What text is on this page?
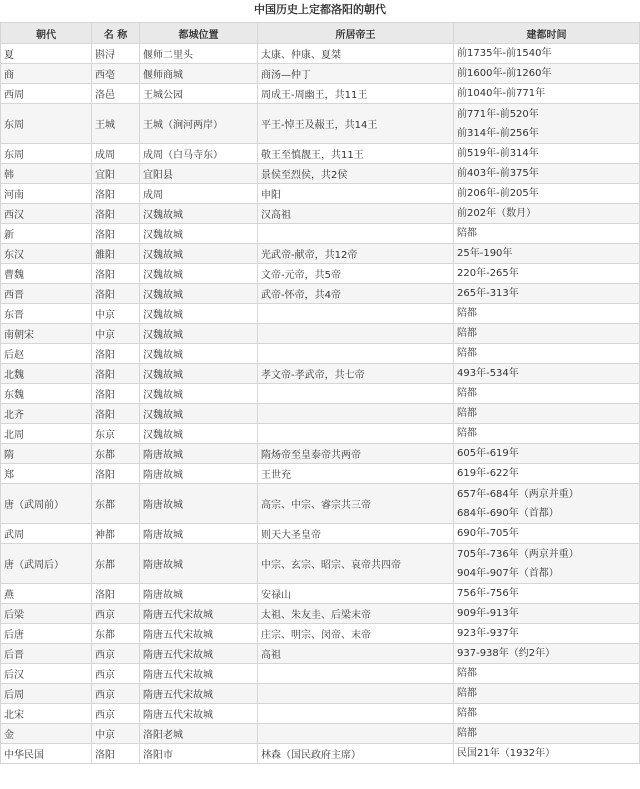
中国历史上定都洛阳的朝代
朝代	名 称	都城位置	所居帝王	建都时间
夏	斟浔	偃师二里头	太康、仲康、夏桀	前1735年-前1540年

商	西亳	偃师商城	商汤—仲丁	前1600年-前1260年

西周	洛邑	王城公园	周成王-周幽王，共11王	前1040年-前771年

东周	王城	王城（涧河两岸）	平王-悼王及赧王，共14王	前771年-前520年
前314年-前256年

东周	成周	成周（白马寺东）	敬王至慎靓王，共11王	前519年-前314年

韩	宜阳	宜阳县	景侯至烈侯，共2侯	前403年-前375年

河南	洛阳	成周	申阳	前206年-前205年

西汉	洛阳	汉魏故城	汉高祖	前202年（数月）

新	洛阳	汉魏故城		陪都

东汉	雒阳	汉魏故城	光武帝-献帝，共12帝	25年-190年

曹魏	洛阳	汉魏故城	文帝-元帝，共5帝	220年-265年

西晋	洛阳	汉魏故城	武帝-怀帝，共4帝	265年-313年

东晋	中京	汉魏故城		陪都

南朝宋	中京	汉魏故城		陪都

后赵	洛阳	汉魏故城		陪都

北魏	洛阳	汉魏故城	孝文帝-孝武帝，共七帝	493年-534年

东魏	洛阳	汉魏故城		陪都

北齐	洛阳	汉魏故城		陪都

北周	东京	汉魏故城		陪都

隋	东都	隋唐故城	隋炀帝至皇泰帝共两帝	605年-619年

郑	洛阳	隋唐故城	王世充	619年-622年

唐（武周前）	东都	隋唐故城	高宗、中宗、睿宗共三帝	657年-684年（两京并重）
684年-690年（首都）

武周	神都	隋唐故城	则天大圣皇帝	690年-705年

唐（武周后）	东都	隋唐故城	中宗、玄宗、昭宗、哀帝共四帝	705年-736年（两京并重）
904年-907年（首都）

燕	洛阳	隋唐故城	安禄山	756年-756年

后梁	西京	隋唐五代宋故城	太祖、朱友圭、后梁末帝	909年-913年

后唐	东都	隋唐五代宋故城	庄宗、明宗、闵帝、末帝	923年-937年

后晋	西京	隋唐五代宋故城	高祖	937-938年（约2年）

后汉	西京	隋唐五代宋故城		陪都

后周	西京	隋唐五代宋故城		陪都

北宋	西京	隋唐五代宋故城		陪都

金	中京	洛阳老城		陪都

中华民国	洛阳	洛阳市	林森（国民政府主席）	民国21年（1932年）
